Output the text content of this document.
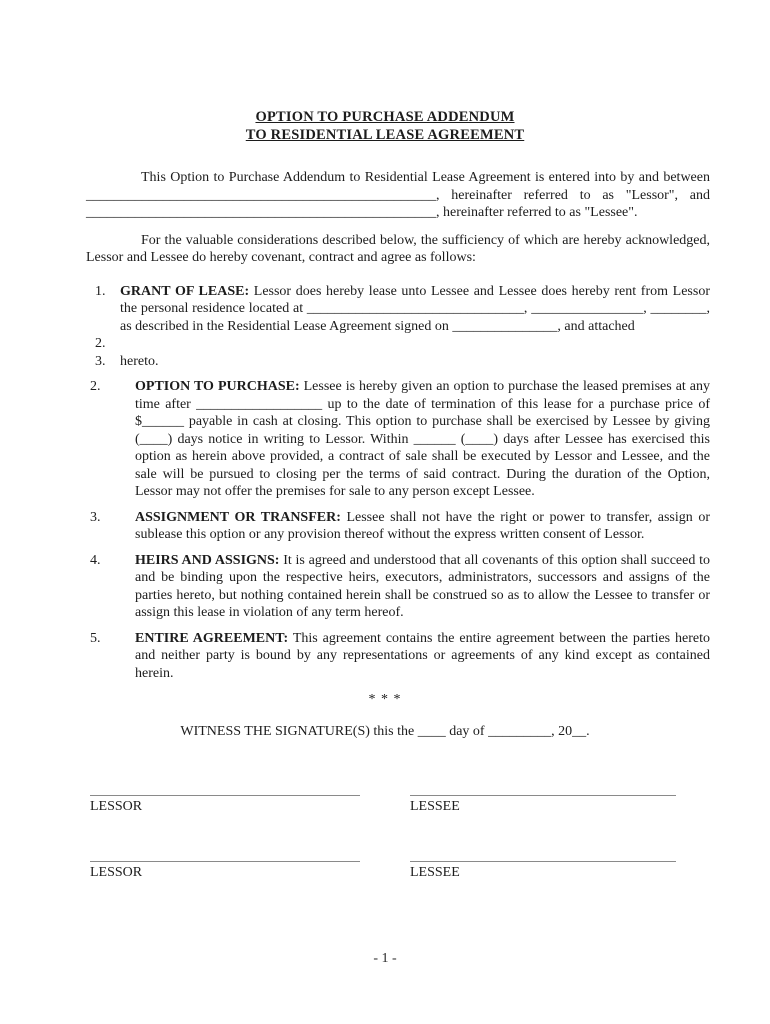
OPTION TO PURCHASE ADDENDUM
TO RESIDENTIAL LEASE AGREEMENT

This Option to Purchase Addendum to Residential Lease Agreement is entered into by and between __________________________________________________, hereinafter referred to as "Lessor", and __________________________________________________, hereinafter referred to as "Lessee".

For the valuable considerations described below, the sufficiency of which are hereby acknowledged, Lessor and Lessee do hereby covenant, contract and agree as follows:

1.	GRANT OF LEASE: Lessor does hereby lease unto Lessee and Lessee does hereby rent from Lessor the personal residence located at _______________________________, ________________, ________, as described in the Residential Lease Agreement signed on _______________, and attached
2.
3.	hereto.
2.	OPTION TO PURCHASE: Lessee is hereby given an option to purchase the leased premises at any time after __________________ up to the date of termination of this lease for a purchase price of $______ payable in cash at closing. This option to purchase shall be exercised by Lessee by giving (____) days notice in writing to Lessor. Within ______ (____) days after Lessee has exercised this option as herein above provided, a contract of sale shall be executed by Lessor and Lessee, and the sale will be pursued to closing per the terms of said contract. During the duration of the Option, Lessor may not offer the premises for sale to any person except Lessee.
3.	ASSIGNMENT OR TRANSFER: Lessee shall not have the right or power to transfer, assign or sublease this option or any provision thereof without the express written consent of Lessor.
4.	HEIRS AND ASSIGNS: It is agreed and understood that all covenants of this option shall succeed to and be binding upon the respective heirs, executors, administrators, successors and assigns of the parties hereto, but nothing contained herein shall be construed so as to allow the Lessee to transfer or assign this lease in violation of any term hereof.
5.	ENTIRE AGREEMENT: This agreement contains the entire agreement between the parties hereto and neither party is bound by any representations or agreements of any kind except as contained herein.
* * *
WITNESS THE SIGNATURE(S) this the ____ day of _________, 20__.
LESSOR	LESSEE
LESSOR	LESSEE
- 1 -
